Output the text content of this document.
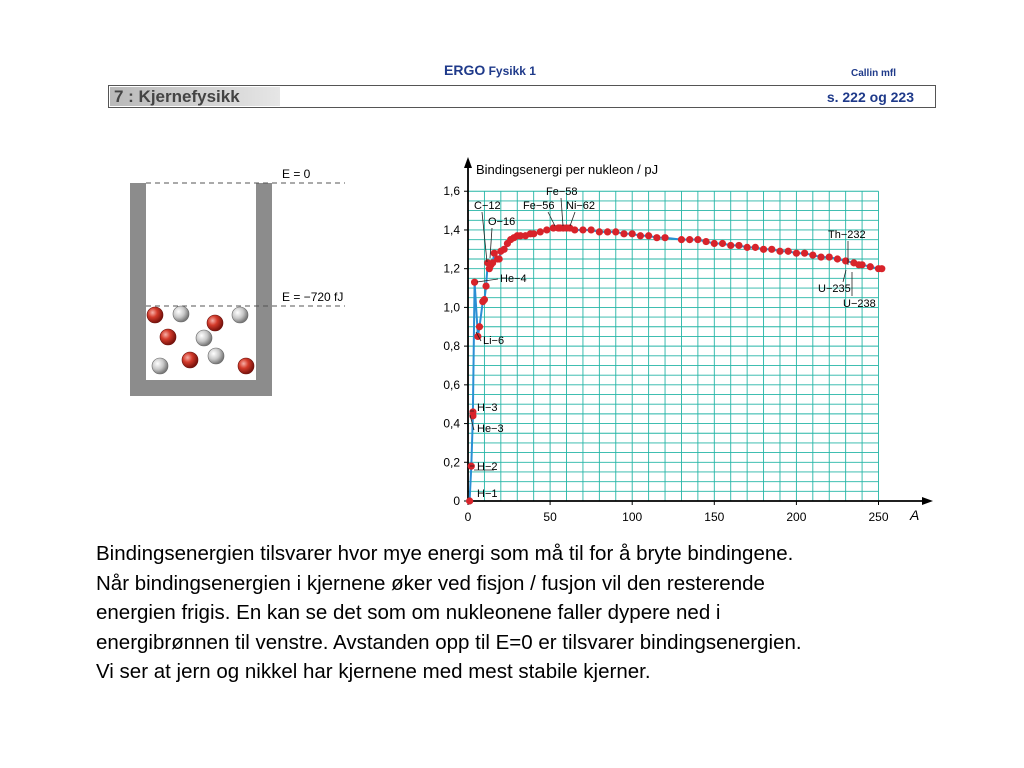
ERGO Fysikk 1	Callin mfl
7 : Kjernefysikk	s. 222 og 223
E = 0
E = −720 fJ
0
0,2
0,4
0,6
0,8
1,0
1,2
1,4
1,6
0	50	100	150	200	250
H−1
H−2
He−3
H−3
Li−6
He−4
C−12
O−16
Fe−56
Fe−58
Ni−62
Th−232
U−235
U−238
Bindingsenergi per nukleon / pJ
A
Bindingsenergien tilsvarer hvor mye energi som må til for å bryte bindingene.
Når bindingsenergien i kjernene øker ved fisjon / fusjon vil den resterende
energien frigis. En kan se det som om nukleonene faller dypere ned i
energibrønnen til venstre. Avstanden opp til E=0 er tilsvarer bindingsenergien.
Vi ser at jern og nikkel har kjernene med mest stabile kjerner.
